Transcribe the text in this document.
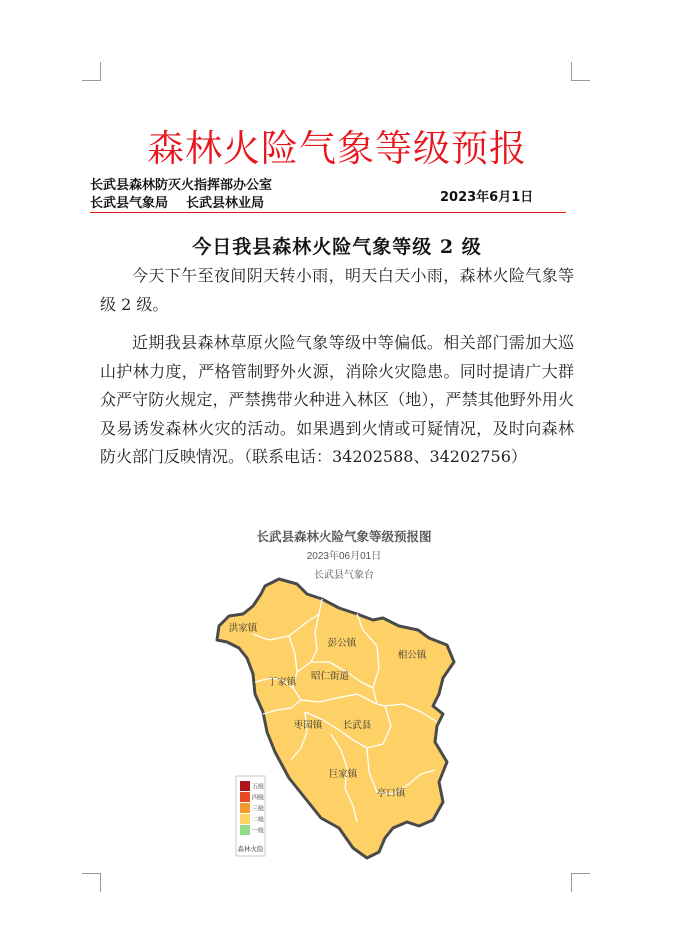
森林火险气象等级预报
长武县森林防灭火指挥部办公室
长武县气象局 长武县林业局	2023年6月1日
今日我县森林火险气象等级 2 级

今天下午至夜间阴天转小雨，明天白天小雨，森林火险气象等级 2 级。

近期我县森林草原火险气象等级中等偏低。相关部门需加大巡山护林力度，严格管制野外火源，消除火灾隐患。同时提请广大群众严守防火规定，严禁携带火种进入林区（地），严禁其他野外用火及易诱发森林火灾的活动。如果遇到火情或可疑情况，及时向森林防火部门反映情况。（联系电话：34202588、34202756）

长武县森林火险气象等级预报图
2023年06月01日
长武县气象台
洪家镇
彭公镇
相公镇
昭仁街道
丁家镇
枣园镇 长武县
巨家镇
亭口镇
五级
四级
三级
二级
一级
森林火险
